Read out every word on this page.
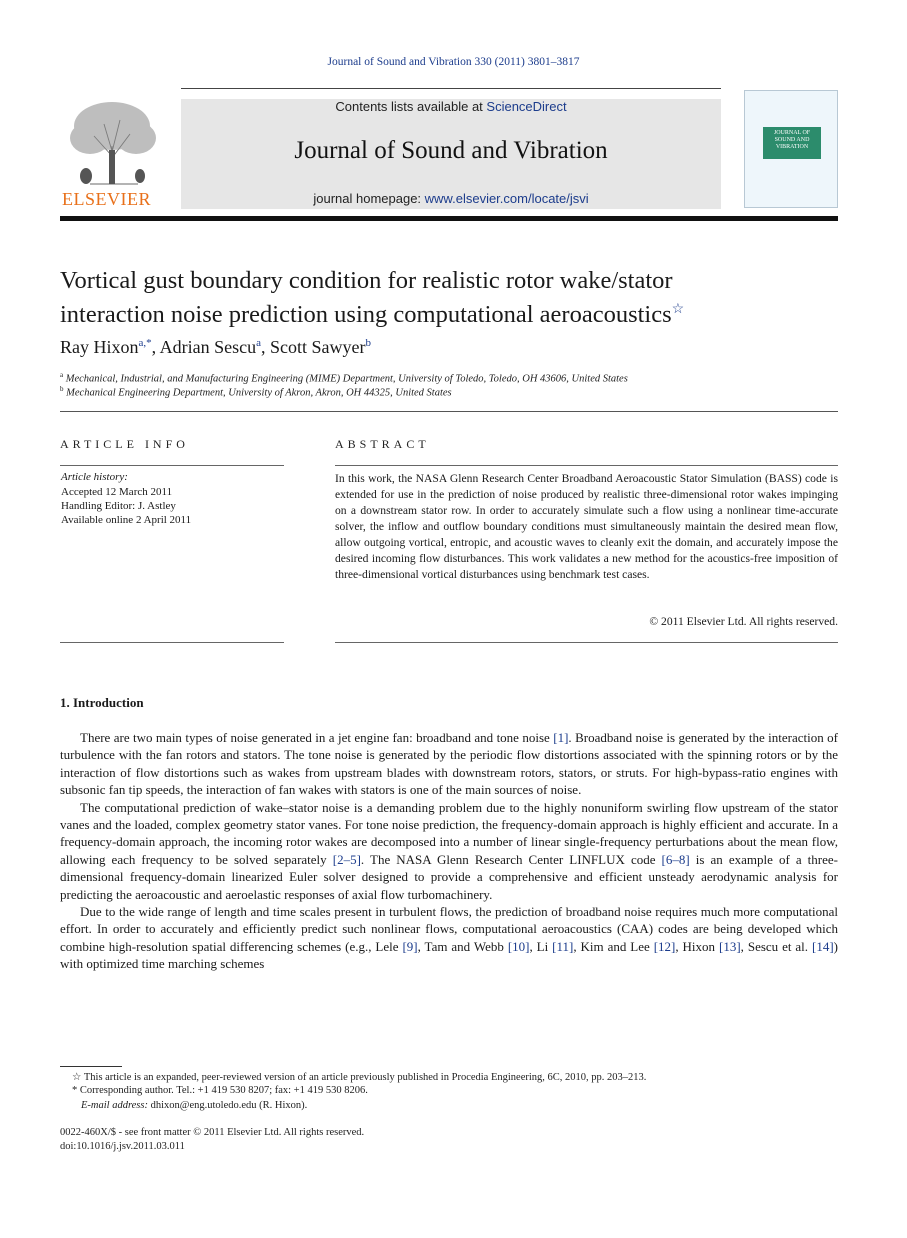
Journal of Sound and Vibration 330 (2011) 3801–3817
ELSEVIER
Contents lists available at ScienceDirect
Journal of Sound and Vibration
journal homepage: www.elsevier.com/locate/jsvi
JOURNAL OF SOUND AND VIBRATION
Vortical gust boundary condition for realistic rotor wake/stator
interaction noise prediction using computational aeroacoustics☆
Ray Hixon$^{a,*}$, Adrian Sescu$^a$, Scott Sawyer$^b$
$^a$ Mechanical, Industrial, and Manufacturing Engineering (MIME) Department, University of Toledo, Toledo, OH 43606, United States
$^b$ Mechanical Engineering Department, University of Akron, Akron, OH 44325, United States
ARTICLE INFO	ABSTRACT
Article history:
Accepted 12 March 2011
Handling Editor: J. Astley
Available online 2 April 2011
In this work, the NASA Glenn Research Center Broadband Aeroacoustic Stator Simulation (BASS) code is extended for use in the prediction of noise produced by realistic three-dimensional rotor wakes impinging on a downstream stator row. In order to accurately simulate such a flow using a nonlinear time-accurate solver, the inflow and outflow boundary conditions must simultaneously maintain the desired mean flow, allow outgoing vortical, entropic, and acoustic waves to cleanly exit the domain, and accurately impose the desired incoming flow disturbances. This work validates a new method for the acoustics-free imposition of three-dimensional vortical disturbances using benchmark test cases.
© 2011 Elsevier Ltd. All rights reserved.
1. Introduction

There are two main types of noise generated in a jet engine fan: broadband and tone noise [1]. Broadband noise is generated by the interaction of turbulence with the fan rotors and stators. The tone noise is generated by the periodic flow distortions associated with the spinning rotors or by the interaction of flow distortions such as wakes from upstream blades with downstream rotors, stators, or struts. For high-bypass-ratio engines with subsonic fan tip speeds, the interaction of fan wakes with stators is one of the main sources of noise.

The computational prediction of wake–stator noise is a demanding problem due to the highly nonuniform swirling flow upstream of the stator vanes and the loaded, complex geometry stator vanes. For tone noise prediction, the frequency-domain approach is highly efficient and accurate. In a frequency-domain approach, the incoming rotor wakes are decomposed into a number of linear single-frequency perturbations about the mean flow, allowing each frequency to be solved separately [2–5]. The NASA Glenn Research Center LINFLUX code [6–8] is an example of a three-dimensional frequency-domain linearized Euler solver designed to provide a comprehensive and efficient unsteady aerodynamic analysis for predicting the aeroacoustic and aeroelastic responses of axial flow turbomachinery.

Due to the wide range of length and time scales present in turbulent flows, the prediction of broadband noise requires much more computational effort. In order to accurately and efficiently predict such nonlinear flows, computational aeroacoustics (CAA) codes are being developed which combine high-resolution spatial differencing schemes (e.g., Lele [9], Tam and Webb [10], Li [11], Kim and Lee [12], Hixon [13], Sescu et al. [14]) with optimized time marching schemes

☆ This article is an expanded, peer-reviewed version of an article previously published in Procedia Engineering, 6C, 2010, pp. 203–213.
* Corresponding author. Tel.: +1 419 530 8207; fax: +1 419 530 8206.
E-mail address: dhixon@eng.utoledo.edu (R. Hixon).
0022-460X/$ - see front matter © 2011 Elsevier Ltd. All rights reserved.
doi:10.1016/j.jsv.2011.03.011
